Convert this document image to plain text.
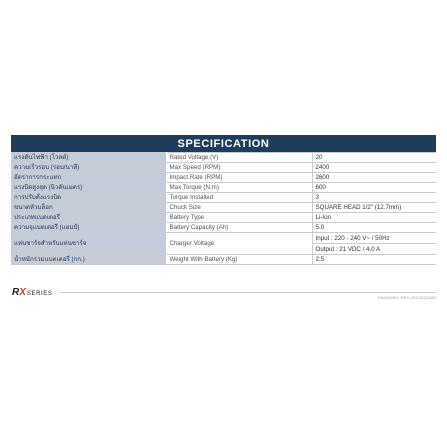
SPECIFICATION
แรงดันไฟฟ้า (โวลต์)	Rated Voltage (V)	20
ความเร็วรอบ (รอบ/นาที)	Max Speed (RPM)	2400
อัตราการกระแทก	Impact Rate (RPM)	2600
แรงบิดสูงสุด (นิวตันเมตร)	Max Torque (N.m)	600
การปรับตั้งแรงบิด	Torque Installed	3
ขนาดหัวบล็อก	Chuck Size	SQUARE HEAD 1/2" (12.7mm)
ประเภทแบตเตอรี่	Battery Type	Li-Ion
ความจุแบตเตอรี่ (แอมป์)	Battery Capacity (Ah)	5.0
แท่นชาร์จสำหรับแท่นชาร์จ	Charger Voltage	Input : 220 - 240 V~ / 50Hz
		Output : 21 VDC / 4.0 A
น้ำหนักรวมแบตเตอรี่ (กก.)	Weight With Battery (Kg)	2.5
R X SERIES
DW600RX-REV.2020013388
